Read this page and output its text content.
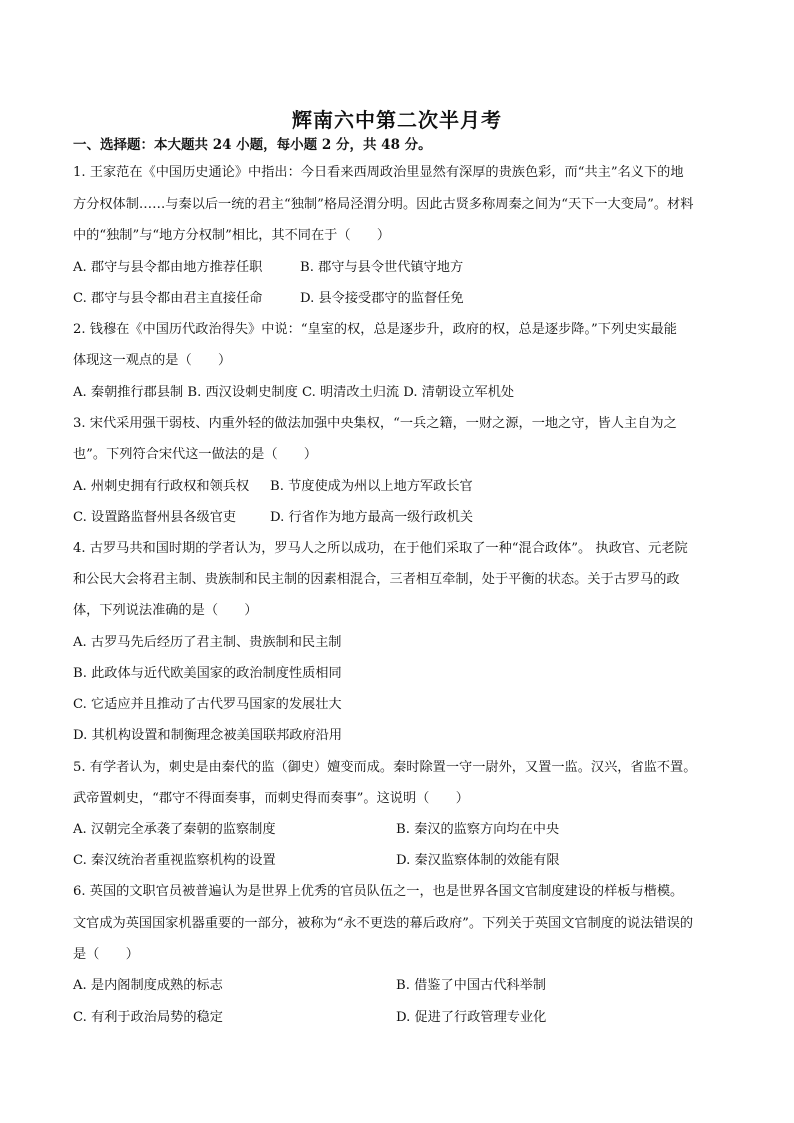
辉南六中第二次半月考
一、选择题：本大题共 24 小题，每小题 2 分，共 48 分。
1. 王家范在《中国历史通论》中指出：今日看来西周政治里显然有深厚的贵族色彩，而“共主”名义下的地
方分权体制……与秦以后一统的君主“独制”格局泾渭分明。因此古贤多称周秦之间为“天下一大变局”。材料
中的“独制”与“地方分权制”相比，其不同在于（　　）
A. 郡守与县令都由地方推荐任职	B. 郡守与县令世代镇守地方
C. 郡守与县令都由君主直接任命	D. 县令接受郡守的监督任免
2. 钱穆在《中国历代政治得失》中说：“皇室的权，总是逐步升，政府的权，总是逐步降。”下列史实最能
体现这一观点的是（　　）
A. 秦朝推行郡县制 B. 西汉设刺史制度 C. 明清改土归流 D. 清朝设立军机处
3. 宋代采用强干弱枝、内重外轻的做法加强中央集权，“一兵之籍，一财之源，一地之守，皆人主自为之
也”。下列符合宋代这一做法的是（　　）
A. 州刺史拥有行政权和领兵权 B. 节度使成为州以上地方军政长官
C. 设置路监督州县各级官吏	D. 行省作为地方最高一级行政机关
4. 古罗马共和国时期的学者认为，罗马人之所以成功，在于他们采取了一种“混合政体”。 执政官、元老院
和公民大会将君主制、贵族制和民主制的因素相混合，三者相互牵制，处于平衡的状态。关于古罗马的政
体，下列说法准确的是（　　）
A. 古罗马先后经历了君主制、贵族制和民主制
B. 此政体与近代欧美国家的政治制度性质相同
C. 它适应并且推动了古代罗马国家的发展壮大
D. 其机构设置和制衡理念被美国联邦政府沿用
5. 有学者认为，刺史是由秦代的监（御史）嬗变而成。秦时除置一守一尉外，又置一监。汉兴，省监不置。
武帝置刺史，“郡守不得面奏事，而刺史得而奏事”。这说明（　　）
A. 汉朝完全承袭了秦朝的监察制度	B. 秦汉的监察方向均在中央
C. 秦汉统治者重视监察机构的设置	D. 秦汉监察体制的效能有限
6. 英国的文职官员被普遍认为是世界上优秀的官员队伍之一，也是世界各国文官制度建设的样板与楷模。
文官成为英国国家机器重要的一部分，被称为“永不更迭的幕后政府”。下列关于英国文官制度的说法错误的
是（　　）
A. 是内阁制度成熟的标志	B. 借鉴了中国古代科举制
C. 有利于政治局势的稳定	D. 促进了行政管理专业化
